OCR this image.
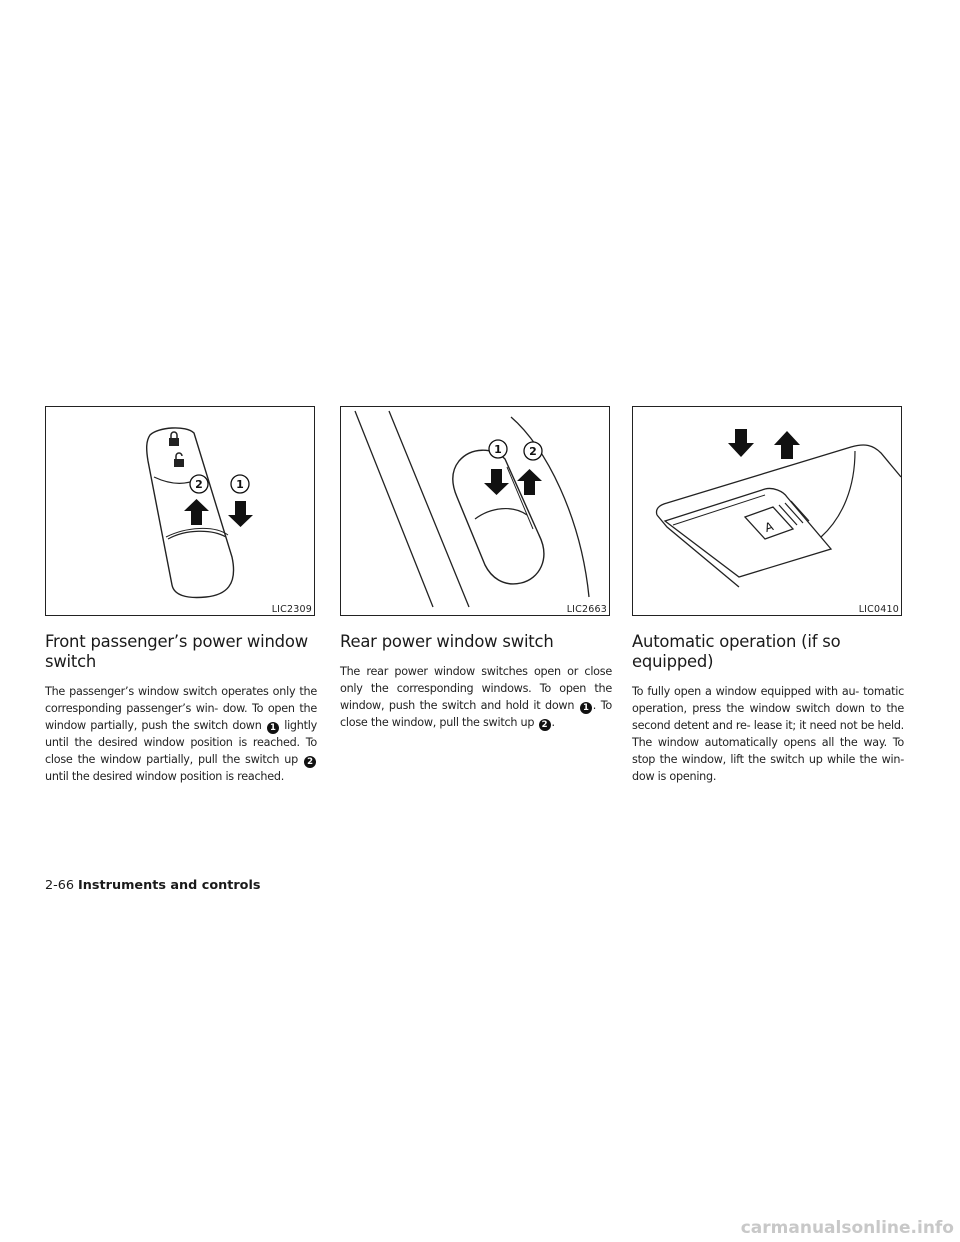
2	1
LIC2309
Front passenger’s power window switch

The passenger’s window switch operates only the corresponding passenger’s win- dow. To open the window partially, push the switch down 1 lightly until the desired window position is reached. To close the window partially, pull the switch up 2 until the desired window position is reached.

1 2
LIC2663
Rear power window switch

The rear power window switches open or close only the corresponding windows. To open the window, push the switch and hold it down 1 . To close the window, pull the switch up 2 .

A
LIC0410
Automatic operation (if so equipped)

To fully open a window equipped with au- tomatic operation, press the window switch down to the second detent and re- lease it; it need not be held. The window automatically opens all the way. To stop the window, lift the switch up while the win- dow is opening.

2-66 Instruments and controls
carmanualsonline.info
